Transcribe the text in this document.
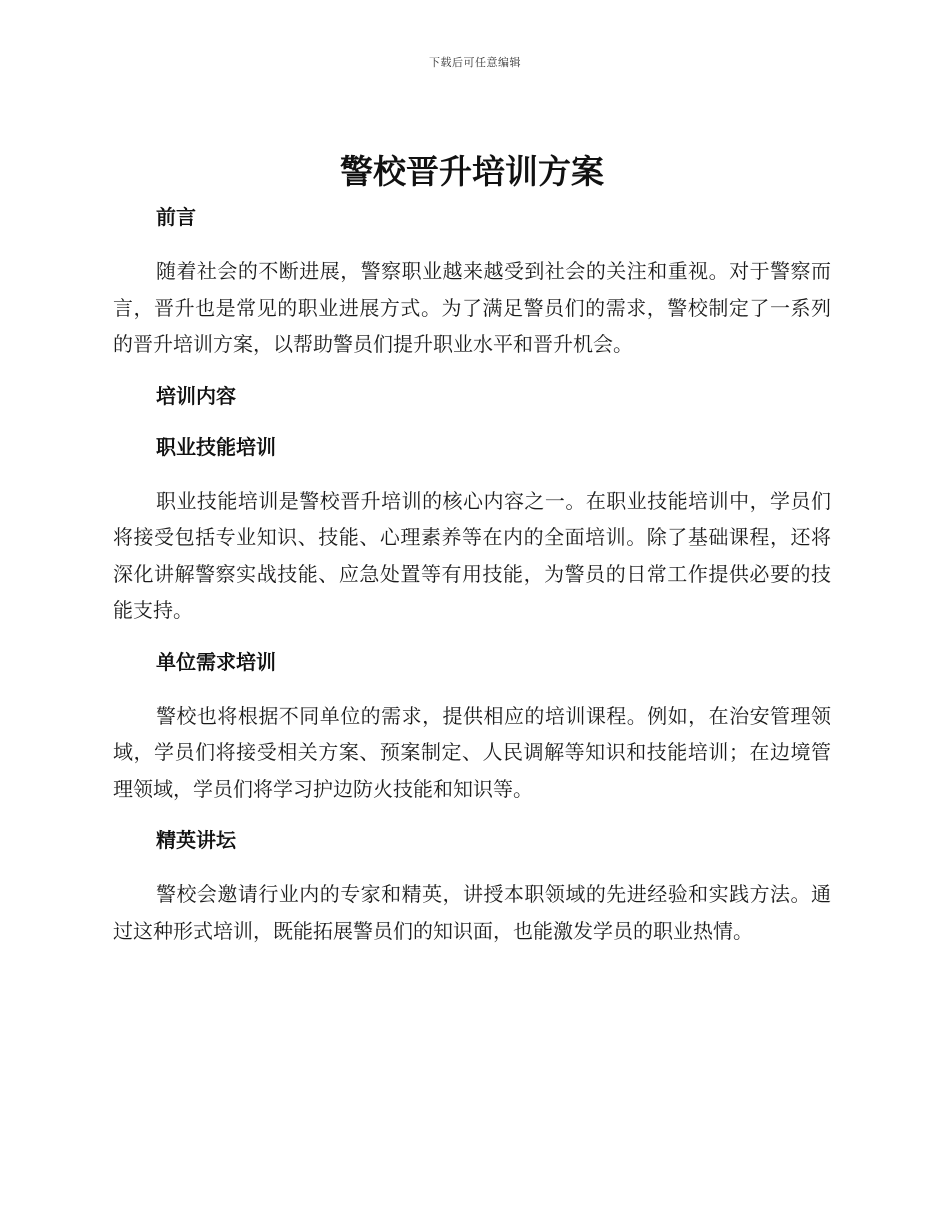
下载后可任意编辑
警校晋升培训方案
前言

随着社会的不断进展，警察职业越来越受到社会的关注和重视。对于警察而言，晋升也是常见的职业进展方式。为了满足警员们的需求，警校制定了一系列的晋升培训方案，以帮助警员们提升职业水平和晋升机会。

培训内容
职业技能培训

职业技能培训是警校晋升培训的核心内容之一。在职业技能培训中，学员们将接受包括专业知识、技能、心理素养等在内的全面培训。除了基础课程，还将深化讲解警察实战技能、应急处置等有用技能，为警员的日常工作提供必要的技能支持。

单位需求培训

警校也将根据不同单位的需求，提供相应的培训课程。例如，在治安管理领域，学员们将接受相关方案、预案制定、人民调解等知识和技能培训；在边境管理领域，学员们将学习护边防火技能和知识等。

精英讲坛

警校会邀请行业内的专家和精英，讲授本职领域的先进经验和实践方法。通过这种形式培训，既能拓展警员们的知识面，也能激发学员的职业热情。
